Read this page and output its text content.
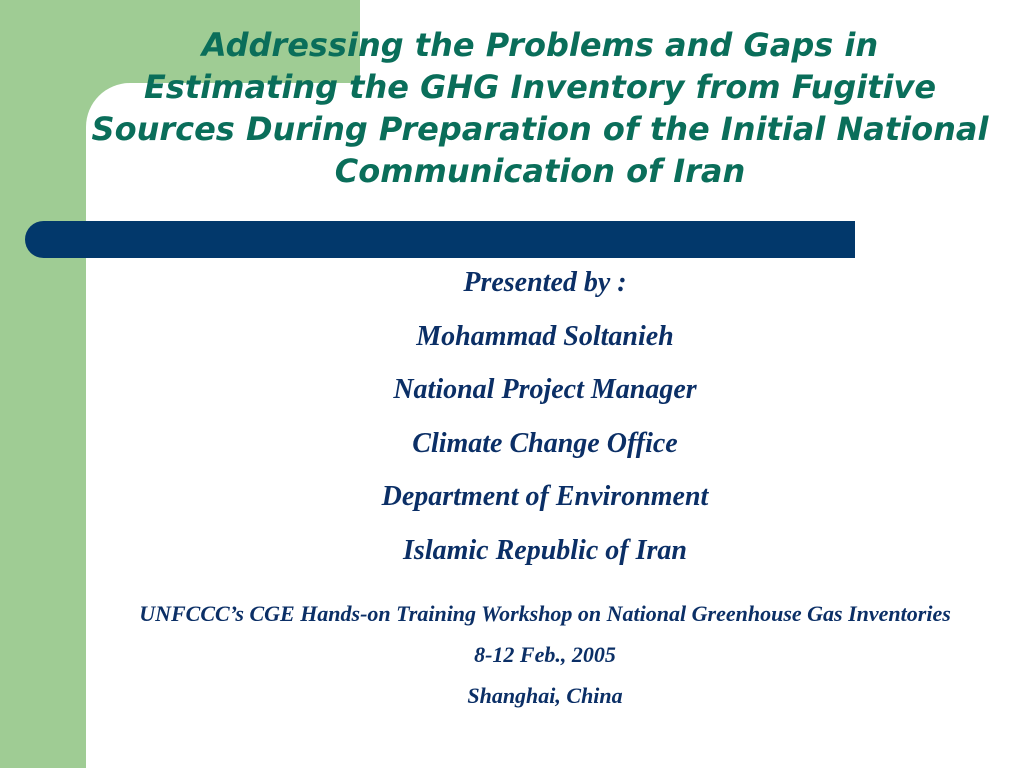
Addressing the Problems and Gaps in
Estimating the GHG Inventory from Fugitive
Sources During Preparation of the Initial National
Communication of Iran
Presented by :
Mohammad Soltanieh
National Project Manager
Climate Change Office
Department of Environment
Islamic Republic of Iran
UNFCCC’s CGE Hands-on Training Workshop on National Greenhouse Gas Inventories
8-12 Feb., 2005
Shanghai, China
